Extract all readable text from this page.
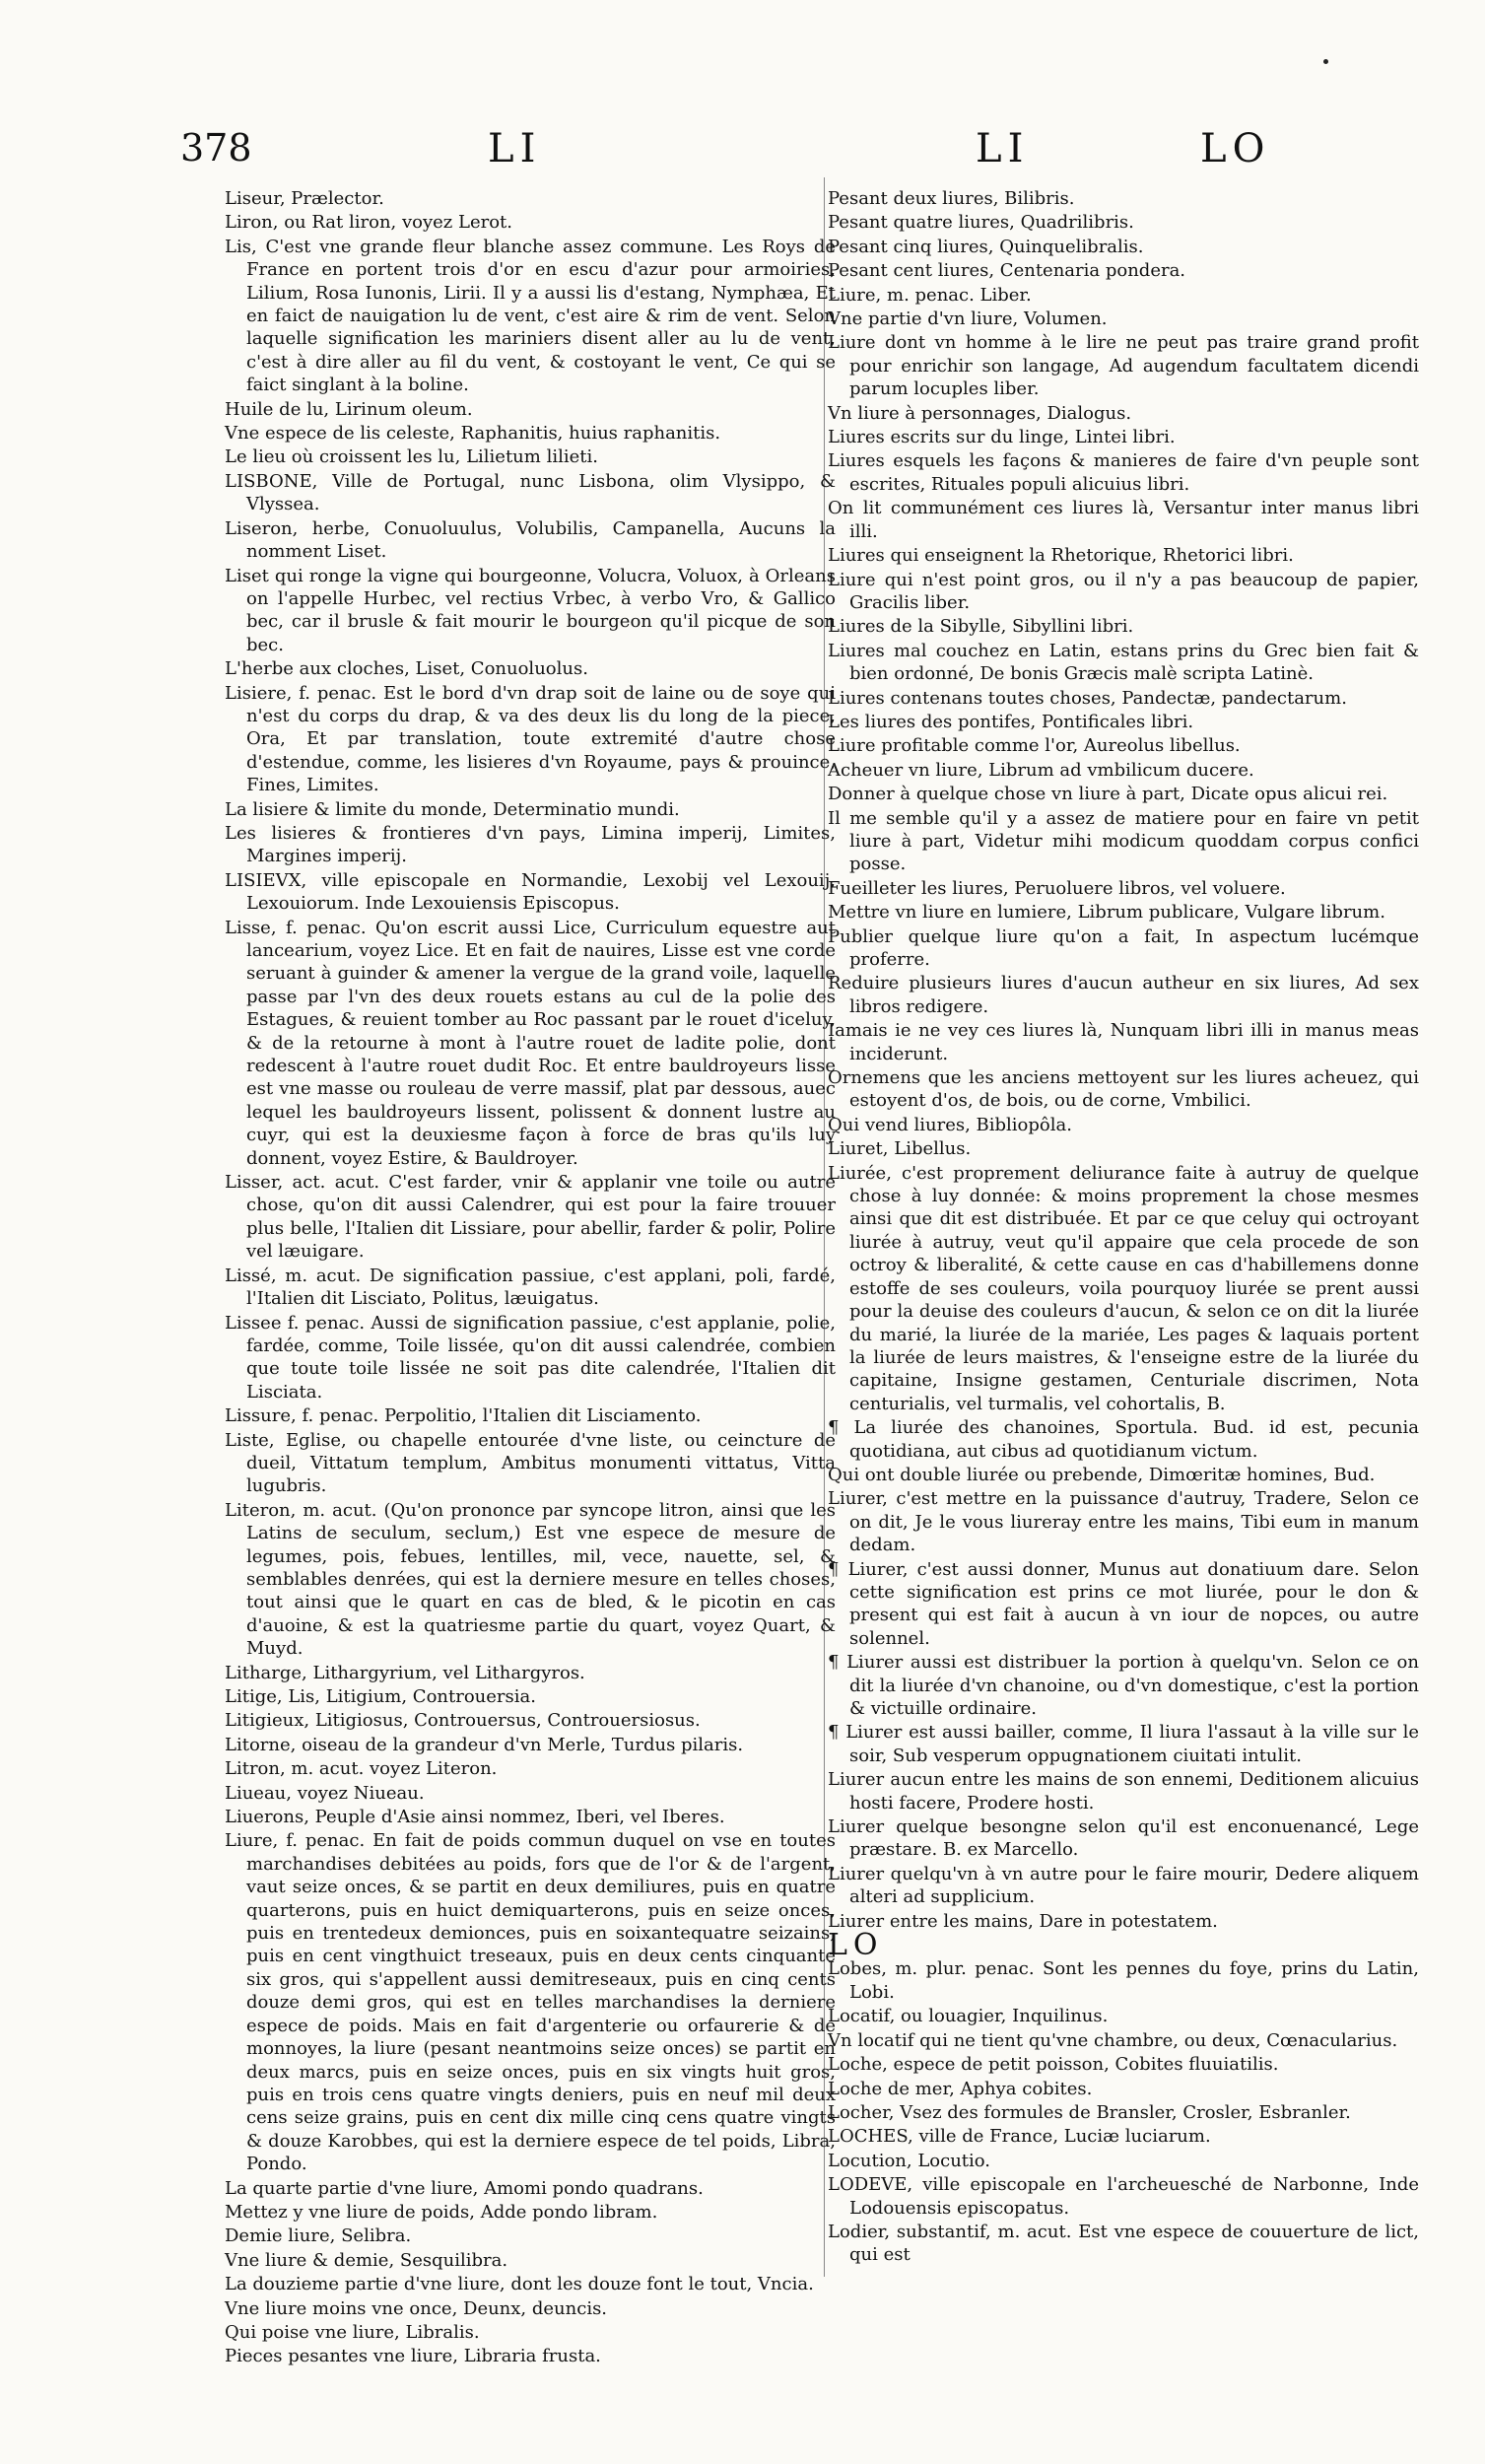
378	LI	LI	LO

Liseur, Prælector.

Liron, ou Rat liron, voyez Lerot.

Lis, C'est vne grande fleur blanche assez commune. Les Roys de France en portent trois d'or en escu d'azur pour armoiries, Lilium, Rosa Iunonis, Lirii. Il y a aussi lis d'estang, Nymphæa, Et en faict de nauigation lu de vent, c'est aire & rim de vent. Selon laquelle signification les mariniers disent aller au lu de vent, c'est à dire aller au fil du vent, & costoyant le vent, Ce qui se faict singlant à la boline.

Huile de lu, Lirinum oleum.

Vne espece de lis celeste, Raphanitis, huius raphanitis.

Le lieu où croissent les lu, Lilietum lilieti.

LISBONE, Ville de Portugal, nunc Lisbona, olim Vlysippo, & Vlyssea.

Liseron, herbe, Conuoluulus, Volubilis, Campanella, Aucuns la nomment Liset.

Liset qui ronge la vigne qui bourgeonne, Volucra, Voluox, à Orleans on l'appelle Hurbec, vel rectius Vrbec, à verbo Vro, & Gallico bec, car il brusle & fait mourir le bourgeon qu'il picque de son bec.

L'herbe aux cloches, Liset, Conuoluolus.

Lisiere, f. penac. Est le bord d'vn drap soit de laine ou de soye qui n'est du corps du drap, & va des deux lis du long de la piece, Ora, Et par translation, toute extremité d'autre chose d'estendue, comme, les lisieres d'vn Royaume, pays & prouince, Fines, Limites.

La lisiere & limite du monde, Determinatio mundi.

Les lisieres & frontieres d'vn pays, Limina imperij, Limites, Margines imperij.

LISIEVX, ville episcopale en Normandie, Lexobij vel Lexouij, Lexouiorum. Inde Lexouiensis Episcopus.

Lisse, f. penac. Qu'on escrit aussi Lice, Curriculum equestre aut lancearium, voyez Lice. Et en fait de nauires, Lisse est vne corde seruant à guinder & amener la vergue de la grand voile, laquelle passe par l'vn des deux rouets estans au cul de la polie des Estagues, & reuient tomber au Roc passant par le rouet d'iceluy, & de la retourne à mont à l'autre rouet de ladite polie, dont redescent à l'autre rouet dudit Roc. Et entre bauldroyeurs lisse est vne masse ou rouleau de verre massif, plat par dessous, auec lequel les bauldroyeurs lissent, polissent & donnent lustre au cuyr, qui est la deuxiesme façon à force de bras qu'ils luy donnent, voyez Estire, & Bauldroyer.

Lisser, act. acut. C'est farder, vnir & applanir vne toile ou autre chose, qu'on dit aussi Calendrer, qui est pour la faire trouuer plus belle, l'Italien dit Lissiare, pour abellir, farder & polir, Polire vel læuigare.

Lissé, m. acut. De signification passiue, c'est applani, poli, fardé, l'Italien dit Lisciato, Politus, læuigatus.

Lissee f. penac. Aussi de signification passiue, c'est applanie, polie, fardée, comme, Toile lissée, qu'on dit aussi calendrée, combien que toute toile lissée ne soit pas dite calendrée, l'Italien dit Lisciata.

Lissure, f. penac. Perpolitio, l'Italien dit Lisciamento.

Liste, Eglise, ou chapelle entourée d'vne liste, ou ceincture de dueil, Vittatum templum, Ambitus monumenti vittatus, Vitta lugubris.

Literon, m. acut. (Qu'on prononce par syncope litron, ainsi que les Latins de seculum, seclum,) Est vne espece de mesure de legumes, pois, febues, lentilles, mil, vece, nauette, sel, & semblables denrées, qui est la derniere mesure en telles choses, tout ainsi que le quart en cas de bled, & le picotin en cas d'auoine, & est la quatriesme partie du quart, voyez Quart, & Muyd.

Litharge, Lithargyrium, vel Lithargyros.

Litige, Lis, Litigium, Controuersia.

Litigieux, Litigiosus, Controuersus, Controuersiosus.

Litorne, oiseau de la grandeur d'vn Merle, Turdus pilaris.

Litron, m. acut. voyez Literon.

Liueau, voyez Niueau.

Liuerons, Peuple d'Asie ainsi nommez, Iberi, vel Iberes.

Liure, f. penac. En fait de poids commun duquel on vse en toutes marchandises debitées au poids, fors que de l'or & de l'argent, vaut seize onces, & se partit en deux demiliures, puis en quatre quarterons, puis en huict demiquarterons, puis en seize onces, puis en trentedeux demionces, puis en soixantequatre seizains, puis en cent vingthuict treseaux, puis en deux cents cinquante six gros, qui s'appellent aussi demitreseaux, puis en cinq cents douze demi gros, qui est en telles marchandises la derniere espece de poids. Mais en fait d'argenterie ou orfaurerie & de monnoyes, la liure (pesant neantmoins seize onces) se partit en deux marcs, puis en seize onces, puis en six vingts huit gros, puis en trois cens quatre vingts deniers, puis en neuf mil deux cens seize grains, puis en cent dix mille cinq cens quatre vingts & douze Karobbes, qui est la derniere espece de tel poids, Libra, Pondo.

La quarte partie d'vne liure, Amomi pondo quadrans.

Mettez y vne liure de poids, Adde pondo libram.

Demie liure, Selibra.

Vne liure & demie, Sesquilibra.

La douzieme partie d'vne liure, dont les douze font le tout, Vncia.

Vne liure moins vne once, Deunx, deuncis.

Qui poise vne liure, Libralis.

Pieces pesantes vne liure, Libraria frusta.

Pesant deux liures, Bilibris.

Pesant quatre liures, Quadrilibris.

Pesant cinq liures, Quinquelibralis.

Pesant cent liures, Centenaria pondera.

Liure, m. penac. Liber.

Vne partie d'vn liure, Volumen.

Liure dont vn homme à le lire ne peut pas traire grand profit pour enrichir son langage, Ad augendum facultatem dicendi parum locuples liber.

Vn liure à personnages, Dialogus.

Liures escrits sur du linge, Lintei libri.

Liures esquels les façons & manieres de faire d'vn peuple sont escrites, Rituales populi alicuius libri.

On lit communément ces liures là, Versantur inter manus libri illi.

Liures qui enseignent la Rhetorique, Rhetorici libri.

Liure qui n'est point gros, ou il n'y a pas beaucoup de papier, Gracilis liber.

Liures de la Sibylle, Sibyllini libri.

Liures mal couchez en Latin, estans prins du Grec bien fait & bien ordonné, De bonis Græcis malè scripta Latinè.

Liures contenans toutes choses, Pandectæ, pandectarum.

Les liures des pontifes, Pontificales libri.

Liure profitable comme l'or, Aureolus libellus.

Acheuer vn liure, Librum ad vmbilicum ducere.

Donner à quelque chose vn liure à part, Dicate opus alicui rei.

Il me semble qu'il y a assez de matiere pour en faire vn petit liure à part, Videtur mihi modicum quoddam corpus confici posse.

Fueilleter les liures, Peruoluere libros, vel voluere.

Mettre vn liure en lumiere, Librum publicare, Vulgare librum.

Publier quelque liure qu'on a fait, In aspectum lucémque proferre.

Reduire plusieurs liures d'aucun autheur en six liures, Ad sex libros redigere.

Iamais ie ne vey ces liures là, Nunquam libri illi in manus meas inciderunt.

Ornemens que les anciens mettoyent sur les liures acheuez, qui estoyent d'os, de bois, ou de corne, Vmbilici.

Qui vend liures, Bibliopôla.

Liuret, Libellus.

Liurée, c'est proprement deliurance faite à autruy de quelque chose à luy donnée: & moins proprement la chose mesmes ainsi que dit est distribuée. Et par ce que celuy qui octroyant liurée à autruy, veut qu'il appaire que cela procede de son octroy & liberalité, & cette cause en cas d'habillemens donne estoffe de ses couleurs, voila pourquoy liurée se prent aussi pour la deuise des couleurs d'aucun, & selon ce on dit la liurée du marié, la liurée de la mariée, Les pages & laquais portent la liurée de leurs maistres, & l'enseigne estre de la liurée du capitaine, Insigne gestamen, Centuriale discrimen, Nota centurialis, vel turmalis, vel cohortalis, B.

¶ La liurée des chanoines, Sportula. Bud. id est, pecunia quotidiana, aut cibus ad quotidianum victum.

Qui ont double liurée ou prebende, Dimœritæ homines, Bud.

Liurer, c'est mettre en la puissance d'autruy, Tradere, Selon ce on dit, Je le vous liureray entre les mains, Tibi eum in manum dedam.

¶ Liurer, c'est aussi donner, Munus aut donatiuum dare. Selon cette signification est prins ce mot liurée, pour le don & present qui est fait à aucun à vn iour de nopces, ou autre solennel.

¶ Liurer aussi est distribuer la portion à quelqu'vn. Selon ce on dit la liurée d'vn chanoine, ou d'vn domestique, c'est la portion & victuille ordinaire.

¶ Liurer est aussi bailler, comme, Il liura l'assaut à la ville sur le soir, Sub vesperum oppugnationem ciuitati intulit.

Liurer aucun entre les mains de son ennemi, Deditionem alicuius hosti facere, Prodere hosti.

Liurer quelque besongne selon qu'il est enconuenancé, Lege præstare. B. ex Marcello.

Liurer quelqu'vn à vn autre pour le faire mourir, Dedere aliquem alteri ad supplicium.

Liurer entre les mains, Dare in potestatem.

LO

Lobes, m. plur. penac. Sont les pennes du foye, prins du Latin, Lobi.

Locatif, ou louagier, Inquilinus.

Vn locatif qui ne tient qu'vne chambre, ou deux, Cœnacularius.

Loche, espece de petit poisson, Cobites fluuiatilis.

Loche de mer, Aphya cobites.

Locher, Vsez des formules de Bransler, Crosler, Esbranler.

LOCHES, ville de France, Luciæ luciarum.

Locution, Locutio.

LODEVE, ville episcopale en l'archeuesché de Narbonne, Inde Lodouensis episcopatus.

Lodier, substantif, m. acut. Est vne espece de couuerture de lict, qui est
